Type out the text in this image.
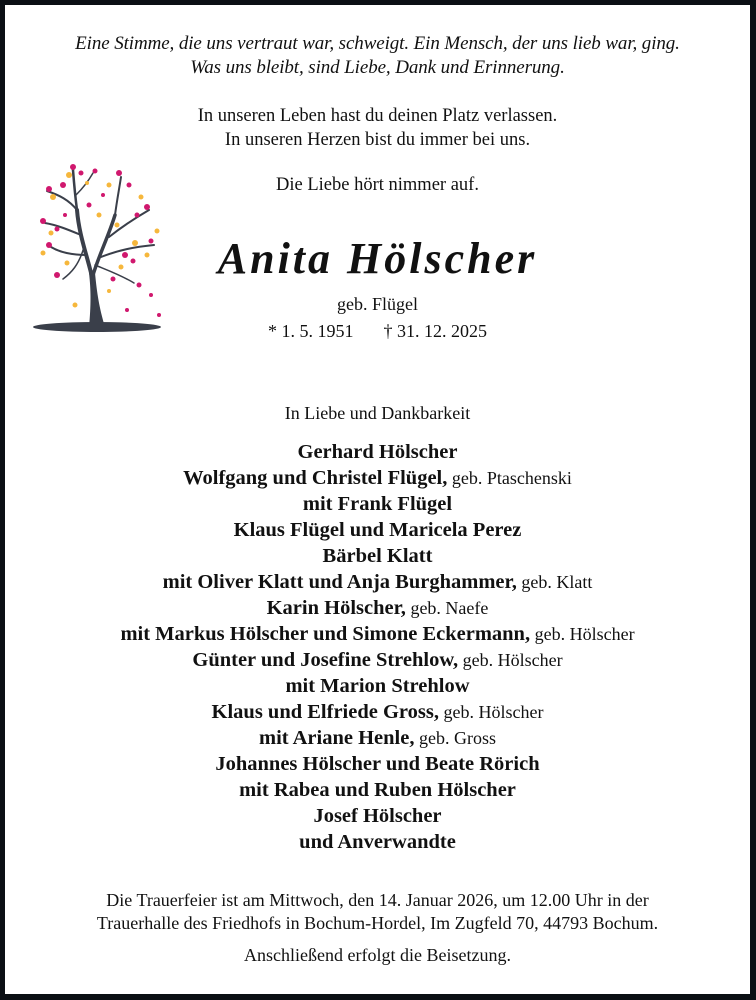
Eine Stimme, die uns vertraut war, schweigt. Ein Mensch, der uns lieb war, ging.
Was uns bleibt, sind Liebe, Dank und Erinnerung.
In unseren Leben hast du deinen Platz verlassen.
In unseren Herzen bist du immer bei uns.
Die Liebe hört nimmer auf.
Anita Hölscher
geb. Flügel
* 1. 5. 1951 † 31. 12. 2025
In Liebe und Dankbarkeit
Gerhard Hölscher
Wolfgang und Christel Flügel, geb. Ptaschenski
mit Frank Flügel
Klaus Flügel und Maricela Perez
Bärbel Klatt
mit Oliver Klatt und Anja Burghammer, geb. Klatt
Karin Hölscher, geb. Naefe
mit Markus Hölscher und Simone Eckermann, geb. Hölscher
Günter und Josefine Strehlow, geb. Hölscher
mit Marion Strehlow
Klaus und Elfriede Gross, geb. Hölscher
mit Ariane Henle, geb. Gross
Johannes Hölscher und Beate Rörich
mit Rabea und Ruben Hölscher
Josef Hölscher
und Anverwandte
Die Trauerfeier ist am Mittwoch, den 14. Januar 2026, um 12.00 Uhr in der
Trauerhalle des Friedhofs in Bochum-Hordel, Im Zugfeld 70, 44793 Bochum.
Anschließend erfolgt die Beisetzung.
